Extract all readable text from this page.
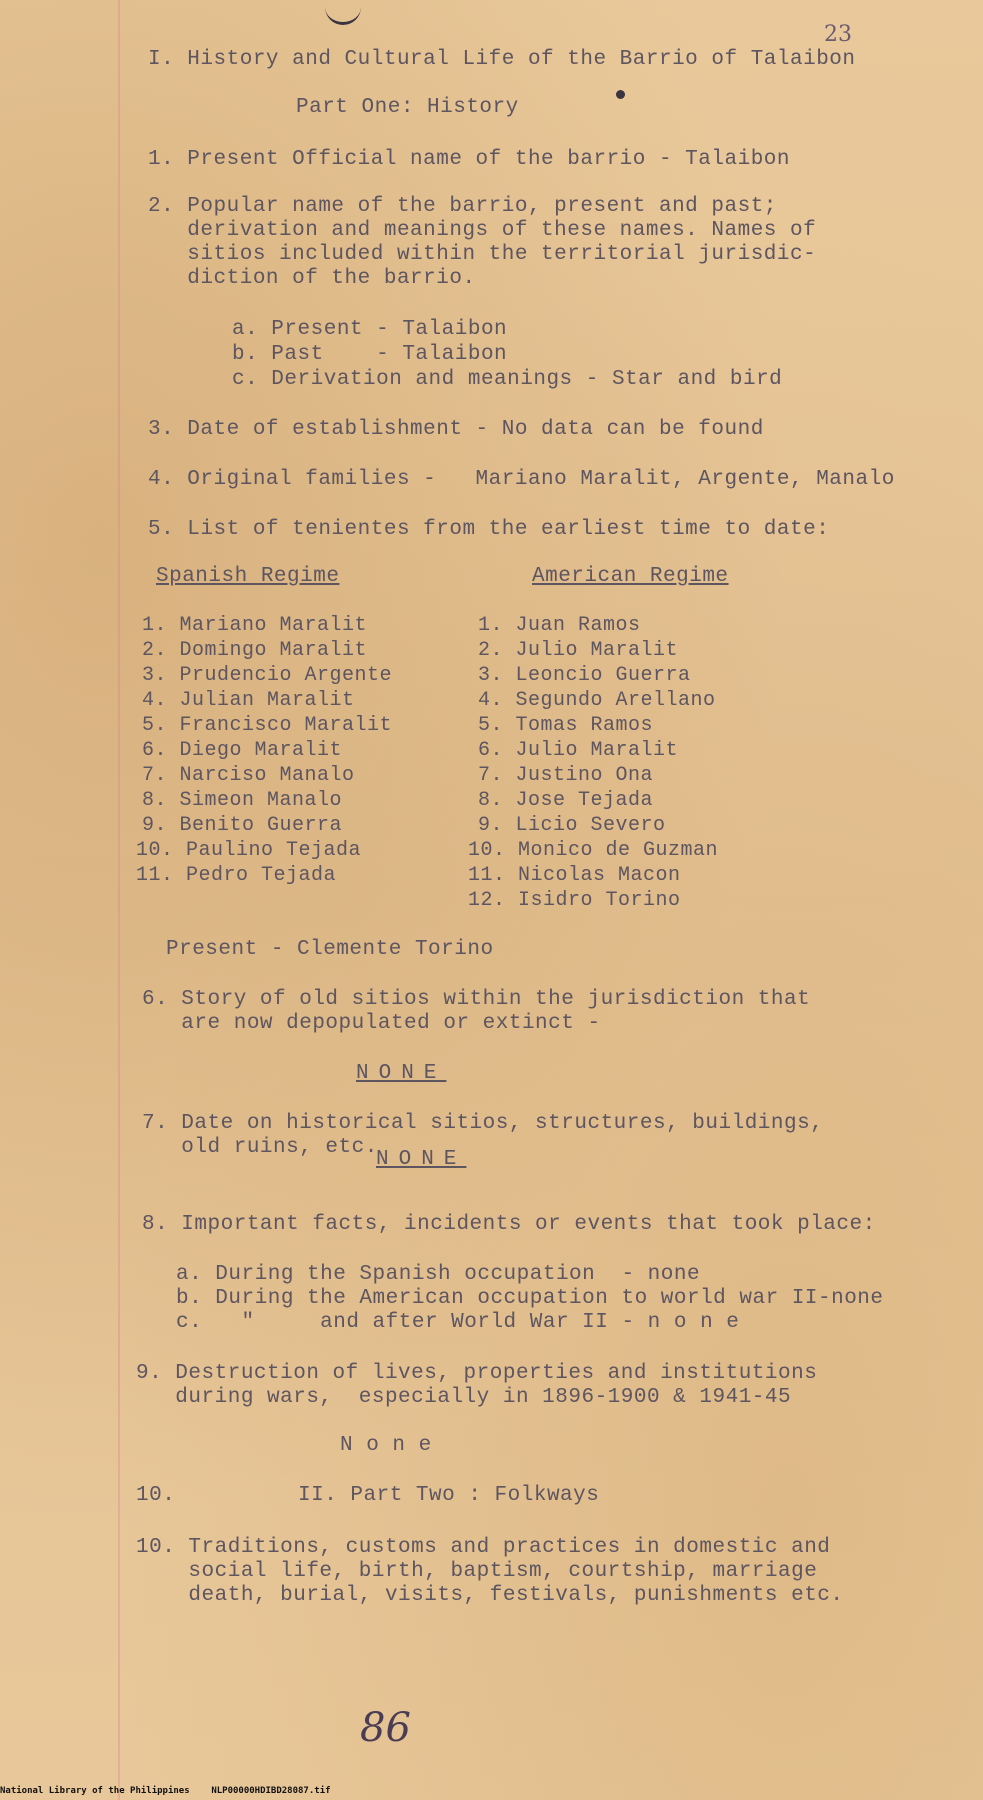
23
I. History and Cultural Life of the Barrio of Talaibon
Part One: History
1. Present Official name of the barrio - Talaibon
2. Popular name of the barrio, present and past;
derivation and meanings of these names. Names of
sitios included within the territorial jurisdic-
diction of the barrio.
a. Present - Talaibon
b. Past    - Talaibon
c. Derivation and meanings - Star and bird
3. Date of establishment - No data can be found
4. Original families -   Mariano Maralit, Argente, Manalo
5. List of tenientes from the earliest time to date:
Spanish Regime	American Regime
1. Mariano Maralit
2. Domingo Maralit
3. Prudencio Argente
4. Julian Maralit
5. Francisco Maralit
6. Diego Maralit
7. Narciso Manalo
8. Simeon Manalo
9. Benito Guerra
10. Paulino Tejada
11. Pedro Tejada
1. Juan Ramos
2. Julio Maralit
3. Leoncio Guerra
4. Segundo Arellano
5. Tomas Ramos
6. Julio Maralit
7. Justino Ona
8. Jose Tejada
9. Licio Severo
10. Monico de Guzman
11. Nicolas Macon
12. Isidro Torino
Present - Clemente Torino
6. Story of old sitios within the jurisdiction that
are now depopulated or extinct -
NONE
7. Date on historical sitios, structures, buildings,
old ruins, etc.
NONE
8. Important facts, incidents or events that took place:
a. During the Spanish occupation  - none
b. During the American occupation to world war II-none
c.   "     and after World War II - n o n e
9. Destruction of lives, properties and institutions
during wars,  especially in 1896-1900 & 1941-45
N o n e
10.	II. Part Two : Folkways
10. Traditions, customs and practices in domestic and
social life, birth, baptism, courtship, marriage
death, burial, visits, festivals, punishments etc.
86
National Library of the Philippines    NLP00000HDIBD28087.tif
